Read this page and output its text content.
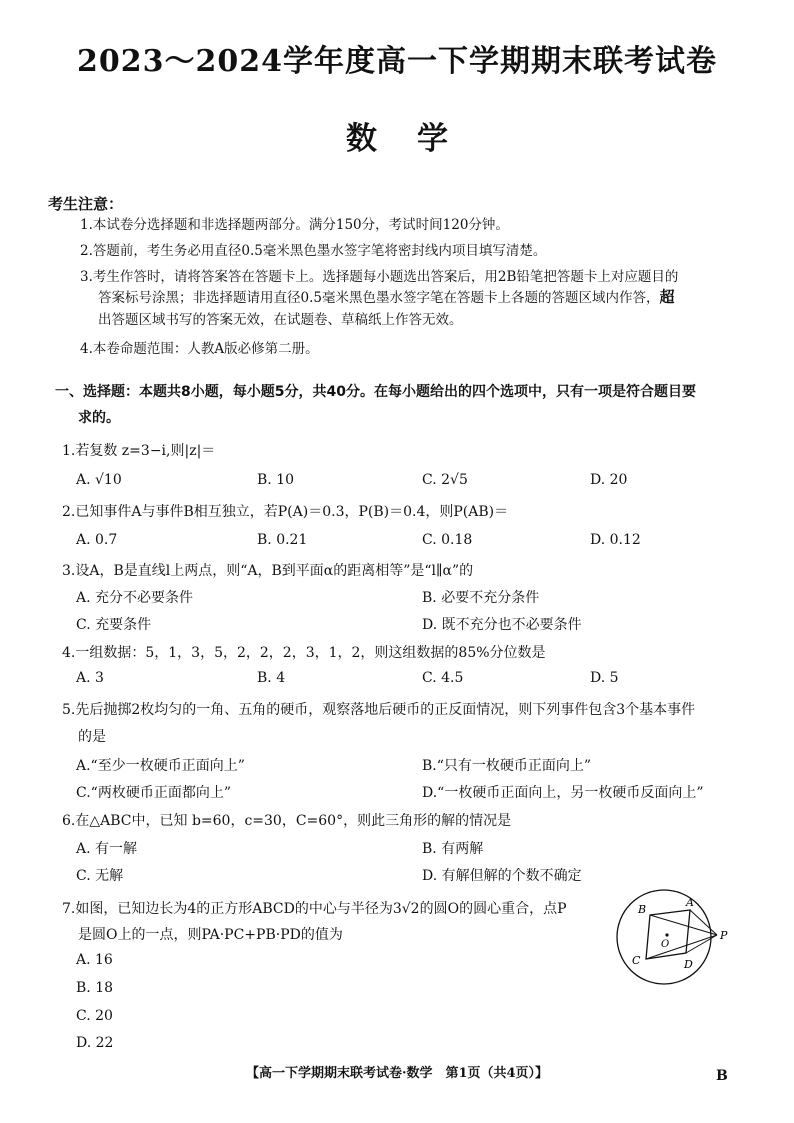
2023～2024学年度高一下学期期末联考试卷
数学
考生注意：
1.本试卷分选择题和非选择题两部分。满分150分，考试时间120分钟。
2.答题前，考生务必用直径0.5毫米黑色墨水签字笔将密封线内项目填写清楚。
3.考生作答时，请将答案答在答题卡上。选择题每小题选出答案后，用2B铅笔把答题卡上对应题目的
答案标号涂黑；非选择题请用直径0.5毫米黑色墨水签字笔在答题卡上各题的答题区域内作答，超
出答题区域书写的答案无效，在试题卷、草稿纸上作答无效。
4.本卷命题范围：人教A版必修第二册。
一、选择题：本题共8小题，每小题5分，共40分。在每小题给出的四个选项中，只有一项是符合题目要
求的。
1.若复数 z=3−i,则|z|＝
A. √10	B. 10	C. 2√5	D. 20
2.已知事件A与事件B相互独立，若P(A)＝0.3，P(B)＝0.4，则P(AB)＝
A. 0.7	B. 0.21	C. 0.18	D. 0.12
3.设A，B是直线l上两点，则“A，B到平面α的距离相等”是“l∥α”的
A. 充分不必要条件	B. 必要不充分条件
C. 充要条件	D. 既不充分也不必要条件
4.一组数据：5，1，3，5，2，2，2，3，1，2，则这组数据的85%分位数是
A. 3	B. 4	C. 4.5	D. 5
5.先后抛掷2枚均匀的一角、五角的硬币，观察落地后硬币的正反面情况，则下列事件包含3个基本事件
的是
A.“至少一枚硬币正面向上”	B.“只有一枚硬币正面向上”
C.“两枚硬币正面都向上”	D.“一枚硬币正面向上，另一枚硬币反面向上”
6.在△ABC中，已知 b=60，c=30，C=60°，则此三角形的解的情况是
A. 有一解	B. 有两解
C. 无解	D. 有解但解的个数不确定
7.如图，已知边长为4的正方形ABCD的中心与半径为3√2的圆O的圆心重合，点P
是圆O上的一点，则PA·PC+PB·PD的值为
A. 16
B. 18
C. 20
D. 22
B
A
P
O
C	D
【高一下学期期末联考试卷·数学　第1页（共4页）】	B
